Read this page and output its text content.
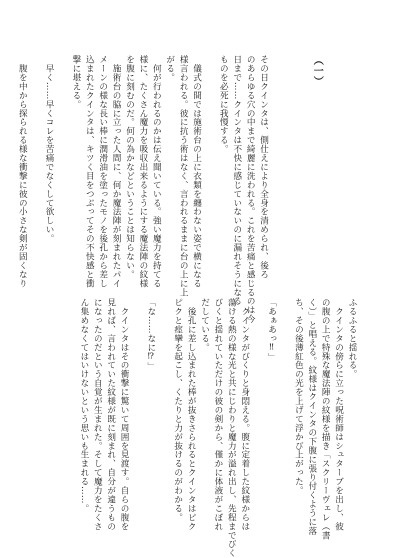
（一）

その日クインタは、側仕えにより全身を清められ、後ろ
のあらゆる穴の中まで綺麗に洗われる。これを苦痛と感じるのは今
日まで……クインタは不快に感じていないのに漏れそうになる
ものを必死に我慢する。
　儀式の間では施術台の上に衣類を纏わない姿で横になる
様言われる。彼に抗う術はなく、言われるままに台の上に上
がる。
　何が行われるのかは伝え聞いている。強い魔力を持てる
様に、たくさん魔力を吸収出来るようにする魔法陣の紋様
を腹に刻むのだ。何の為かなどということは知らない。
　施術台の脇に立った人間に、何か魔法陣が刻まれたパイ
メーンの様な長い棒に潤滑油を塗ったモノを後孔から差し
込まれたクインタは、キツく目をつぶってその不快感と衝
撃に堪える。
　早く……早くコレを苦痛でなくして欲しい。
　腹を中から探られる様な衝撃に彼の小さな剣が固くなり
ふるふると揺れる。
　クインタの傍らに立った呪術師はシュターブを出し、彼
の腹の上で特殊な魔法陣の紋様を描き「スクリーヴェレ（書
く）」と唱える。紋様はクインタの下腹に張り付くように落
ち、その後薄紅色の光を上げて浮かび上がった。
「あぁあっ‼」
　クインタがびくりと身悶える。腹に定着した紋様からは
蕩ける熱の様な光と共にじわりと魔力が溢れ出し、先程までびく
びくと揺れていただけの彼の剣から、僅かに体液がこぼれ
だしている。
　後孔に差し込まれた棒が抜きさられるとクインタはピク
ピクと痙攣を起こし、くたりと力が抜けるのがわかる。
「な……なに⁉」
　クインタはその衝撃に驚いて周囲を見渡す。自らの腹を
見れば、言われていた紋様が既に刻まれ、自分が違うもの
になったのだという自覚が生まれた。そして魔力をたくさ
ん集めなくてはいけないという思いも生まれる……。
